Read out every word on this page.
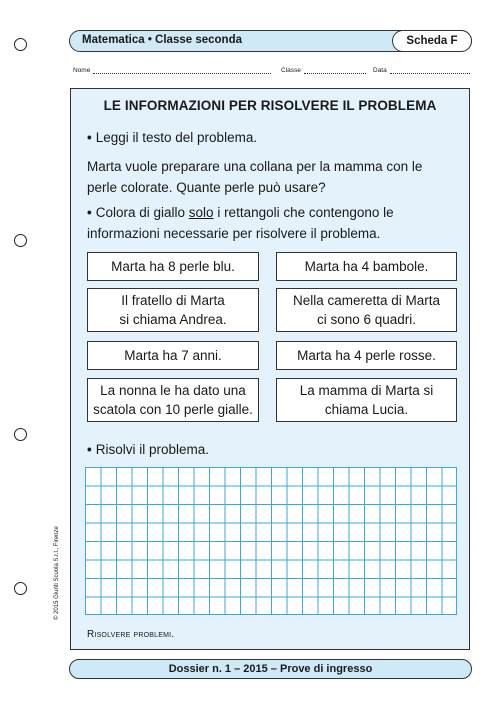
Matematica • Classe seconda	Scheda F
Nome	Classe	Data
LE INFORMAZIONI PER RISOLVERE IL PROBLEMA
• Leggi il testo del problema.
Marta vuole preparare una collana per la mamma con le
perle colorate. Quante perle può usare?
• Colora di giallo solo i rettangoli che contengono le
informazioni necessarie per risolvere il problema.
Marta ha 8 perle blu.	Marta ha 4 bambole.
Il fratello di Marta
si chiama Andrea.
Nella cameretta di Marta
ci sono 6 quadri.
Marta ha 7 anni.	Marta ha 4 perle rosse.
La nonna le ha dato una
scatola con 10 perle gialle.
La mamma di Marta si
chiama Lucia.
• Risolvi il problema.
Risolvere problemi.
© 2015 Giunti Scuola S.r.l., Firenze
Dossier n. 1 – 2015 – Prove di ingresso
